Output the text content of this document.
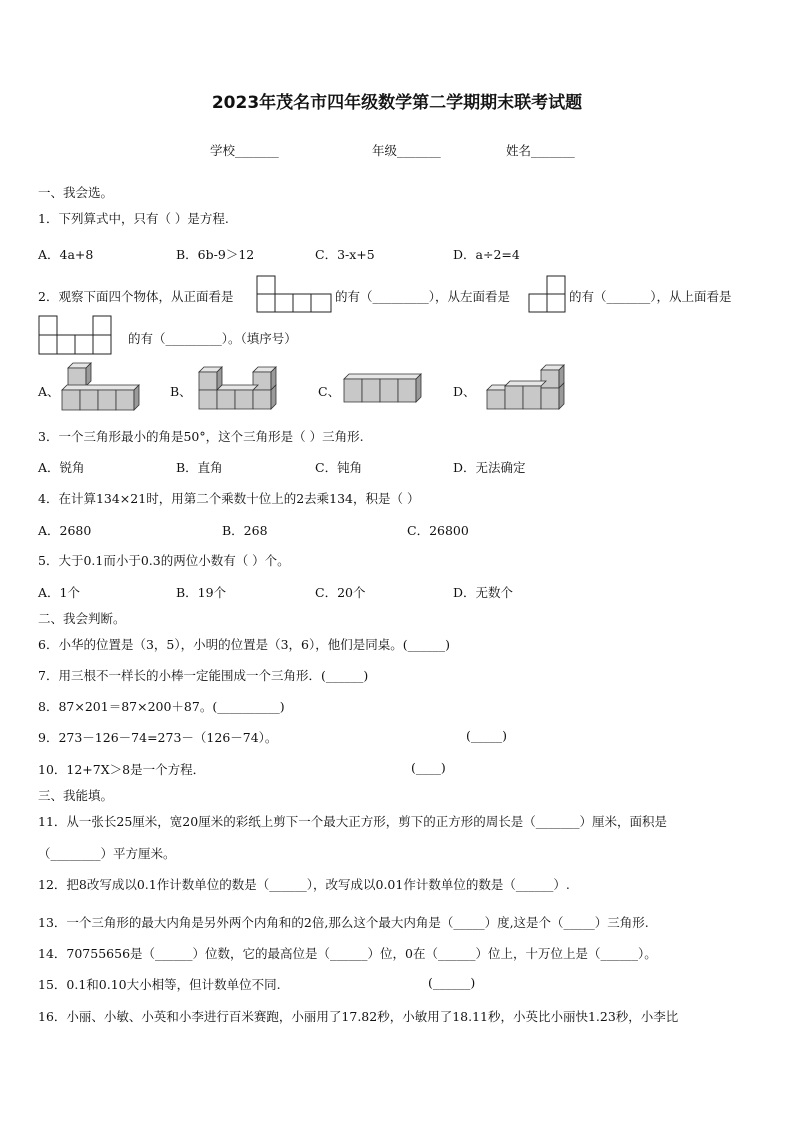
2023年茂名市四年级数学第二学期期末联考试题
学校_______	年级_______	姓名_______
一、我会选。
1．下列算式中，只有（ ）是方程.
A．4a+8	B．6b-9＞12	C．3-x+5	D．a÷2=4
2．观察下面四个物体，从正面看是	的有（_________），从左面看是	的有（_______），从上面看是
的有（_________）。（填序号）
A、	B、	C、	D、
3．一个三角形最小的角是50°，这个三角形是（ ）三角形.
A．锐角	B．直角	C．钝角	D．无法确定
4．在计算134×21时，用第二个乘数十位上的2去乘134，积是（ ）
A．2680	B．268	C．26800
5．大于0.1而小于0.3的两位小数有（ ）个。
A．1个	B．19个	C．20个	D．无数个
二、我会判断。
6．小华的位置是（3，5），小明的位置是（3，6），他们是同桌。(______)
7．用三根不一样长的小棒一定能围成一个三角形．(______)
8．87×201＝87×200＋87。(__________)
9．273－126－74=273－（126－74）。	(_____)
10．12+7X＞8是一个方程．	(____)
三、我能填。
11．从一张长25厘米，宽20厘米的彩纸上剪下一个最大正方形，剪下的正方形的周长是（_______）厘米，面积是
（________）平方厘米。
12．把8改写成以0.1作计数单位的数是（______），改写成以0.01作计数单位的数是（______）.
13．一个三角形的最大内角是另外两个内角和的2倍,那么这个最大内角是（_____）度,这是个（_____）三角形.
14．70755656是（______）位数，它的最高位是（______）位，0在（______）位上，十万位上是（______）。
15．0.1和0.10大小相等，但计数单位不同.	(______)
16．小丽、小敏、小英和小李进行百米赛跑，小丽用了17.82秒，小敏用了18.11秒，小英比小丽快1.23秒，小李比
